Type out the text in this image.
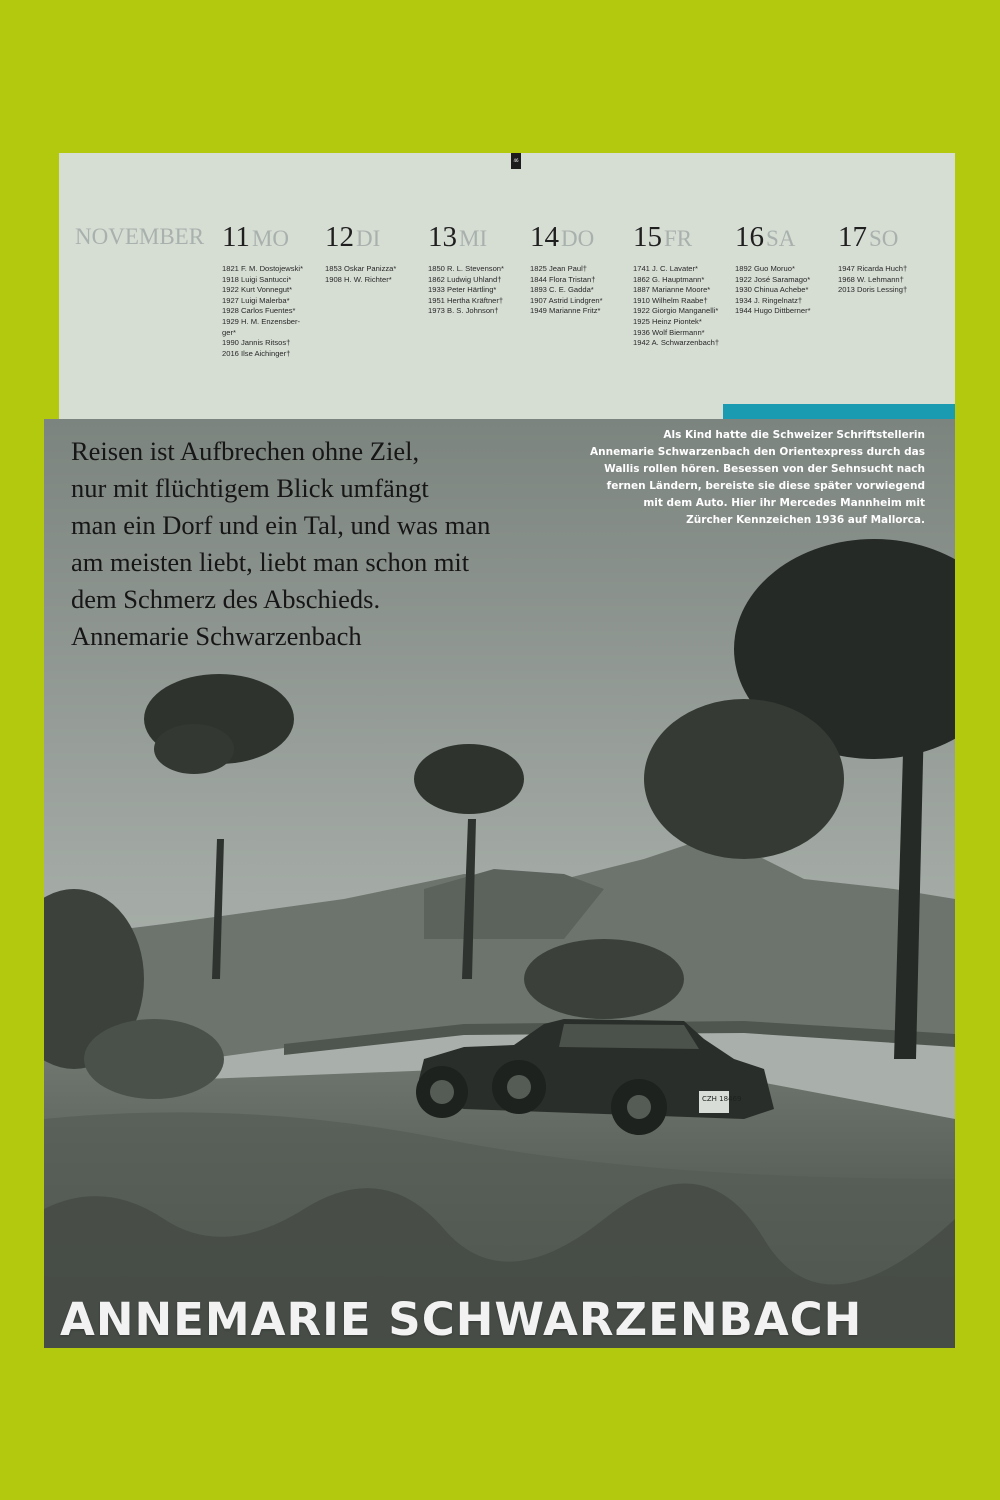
46
NOVEMBER 11MO
1821 F. M. Dostojewski*
1918 Luigi Santucci*
1922 Kurt Vonnegut*
1927 Luigi Malerba*
1928 Carlos Fuentes*
1929 H. M. Enzensber-ger*
1990 Jannis Ritsos†
2016 Ilse Aichinger†
12DI
1853 Oskar Panizza*
1908 H. W. Richter*
13MI
1850 R. L. Stevenson*
1862 Ludwig Uhland†
1933 Peter Härtling*
1951 Hertha Kräftner†
1973 B. S. Johnson†
14DO
1825 Jean Paul†
1844 Flora Tristan†
1893 C. E. Gadda*
1907 Astrid Lindgren*
1949 Marianne Fritz*
15FR
1741 J. C. Lavater*
1862 G. Hauptmann*
1887 Marianne Moore*
1910 Wilhelm Raabe†
1922 Giorgio Manganelli*
1925 Heinz Piontek*
1936 Wolf Biermann*
1942 A. Schwarzenbach†
16SA
1892 Guo Moruo*
1922 José Saramago*
1930 Chinua Achebe*
1934 J. Ringelnatz†
1944 Hugo Dittberner*
17SO
1947 Ricarda Huch†
1968 W. Lehmann†
2013 Doris Lessing†
CZH 18469
Reisen ist Aufbrechen ohne Ziel,
nur mit flüchtigem Blick umfängt
man ein Dorf und ein Tal, und was man
am meisten liebt, liebt man schon mit
dem Schmerz des Abschieds.
Annemarie Schwarzenbach
Als Kind hatte die Schweizer Schriftstellerin
Annemarie Schwarzenbach den Orientexpress durch das
Wallis rollen hören. Besessen von der Sehnsucht nach
fernen Ländern, bereiste sie diese später vorwiegend
mit dem Auto. Hier ihr Mercedes Mannheim mit
Zürcher Kennzeichen 1936 auf Mallorca.
ANNEMARIE SCHWARZENBACH
